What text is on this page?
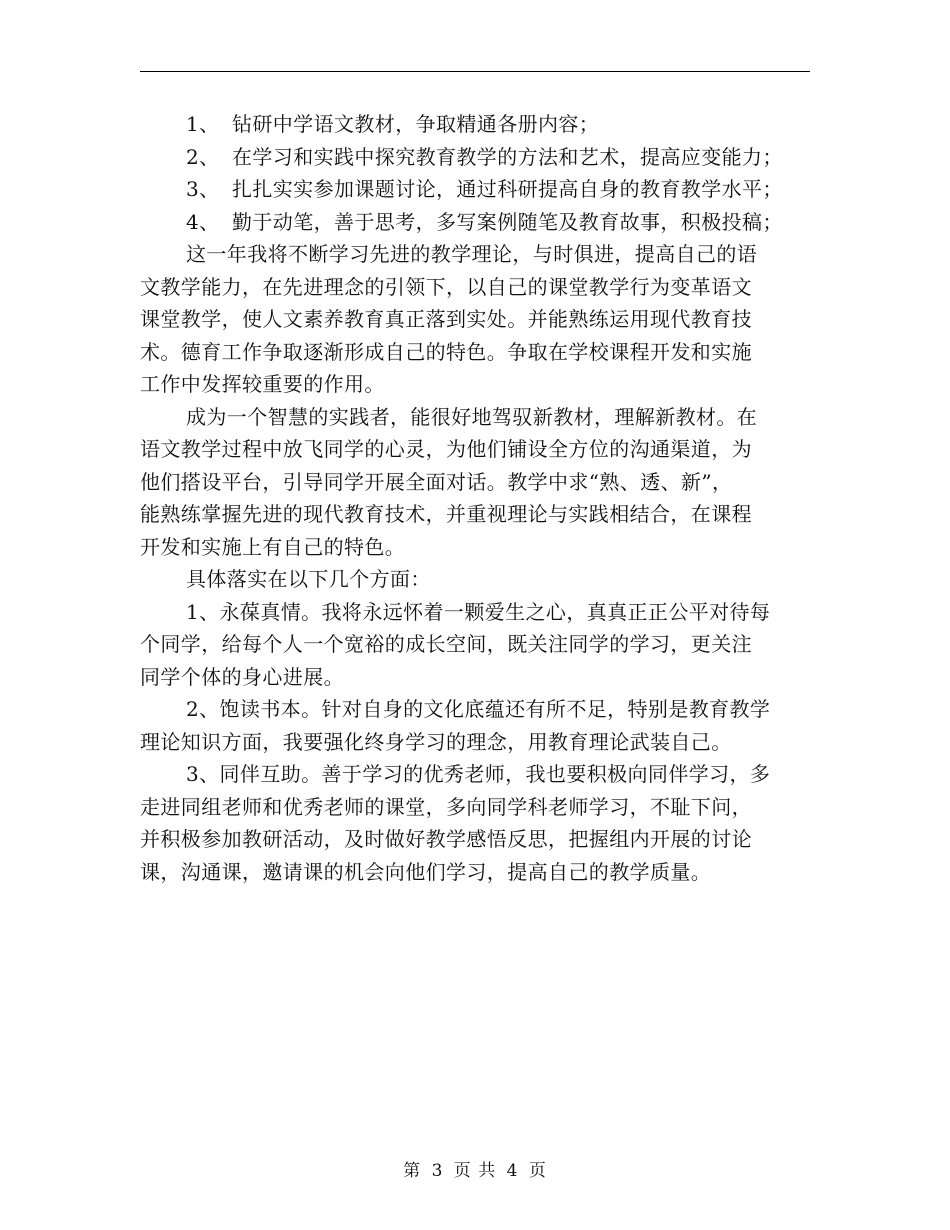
1、 钻研中学语文教材，争取精通各册内容；
2、 在学习和实践中探究教育教学的方法和艺术，提高应变能力；
3、 扎扎实实参加课题讨论，通过科研提高自身的教育教学水平；
4、 勤于动笔，善于思考，多写案例随笔及教育故事，积极投稿；
这一年我将不断学习先进的教学理论，与时俱进，提高自己的语
文教学能力，在先进理念的引领下，以自己的课堂教学行为变革语文
课堂教学，使人文素养教育真正落到实处。并能熟练运用现代教育技
术。德育工作争取逐渐形成自己的特色。争取在学校课程开发和实施
工作中发挥较重要的作用。
成为一个智慧的实践者，能很好地驾驭新教材，理解新教材。在
语文教学过程中放飞同学的心灵，为他们铺设全方位的沟通渠道，为
他们搭设平台，引导同学开展全面对话。教学中求“熟、透、新”，
能熟练掌握先进的现代教育技术，并重视理论与实践相结合，在课程
开发和实施上有自己的特色。
具体落实在以下几个方面：
1、永葆真情。我将永远怀着一颗爱生之心，真真正正公平对待每
个同学，给每个人一个宽裕的成长空间，既关注同学的学习，更关注
同学个体的身心进展。
2、饱读书本。针对自身的文化底蕴还有所不足，特别是教育教学
理论知识方面，我要强化终身学习的理念，用教育理论武装自己。
3、同伴互助。善于学习的优秀老师，我也要积极向同伴学习，多
走进同组老师和优秀老师的课堂，多向同学科老师学习，不耻下问，
并积极参加教研活动，及时做好教学感悟反思，把握组内开展的讨论
课，沟通课，邀请课的机会向他们学习，提高自己的教学质量。
第 3 页 共 4 页
